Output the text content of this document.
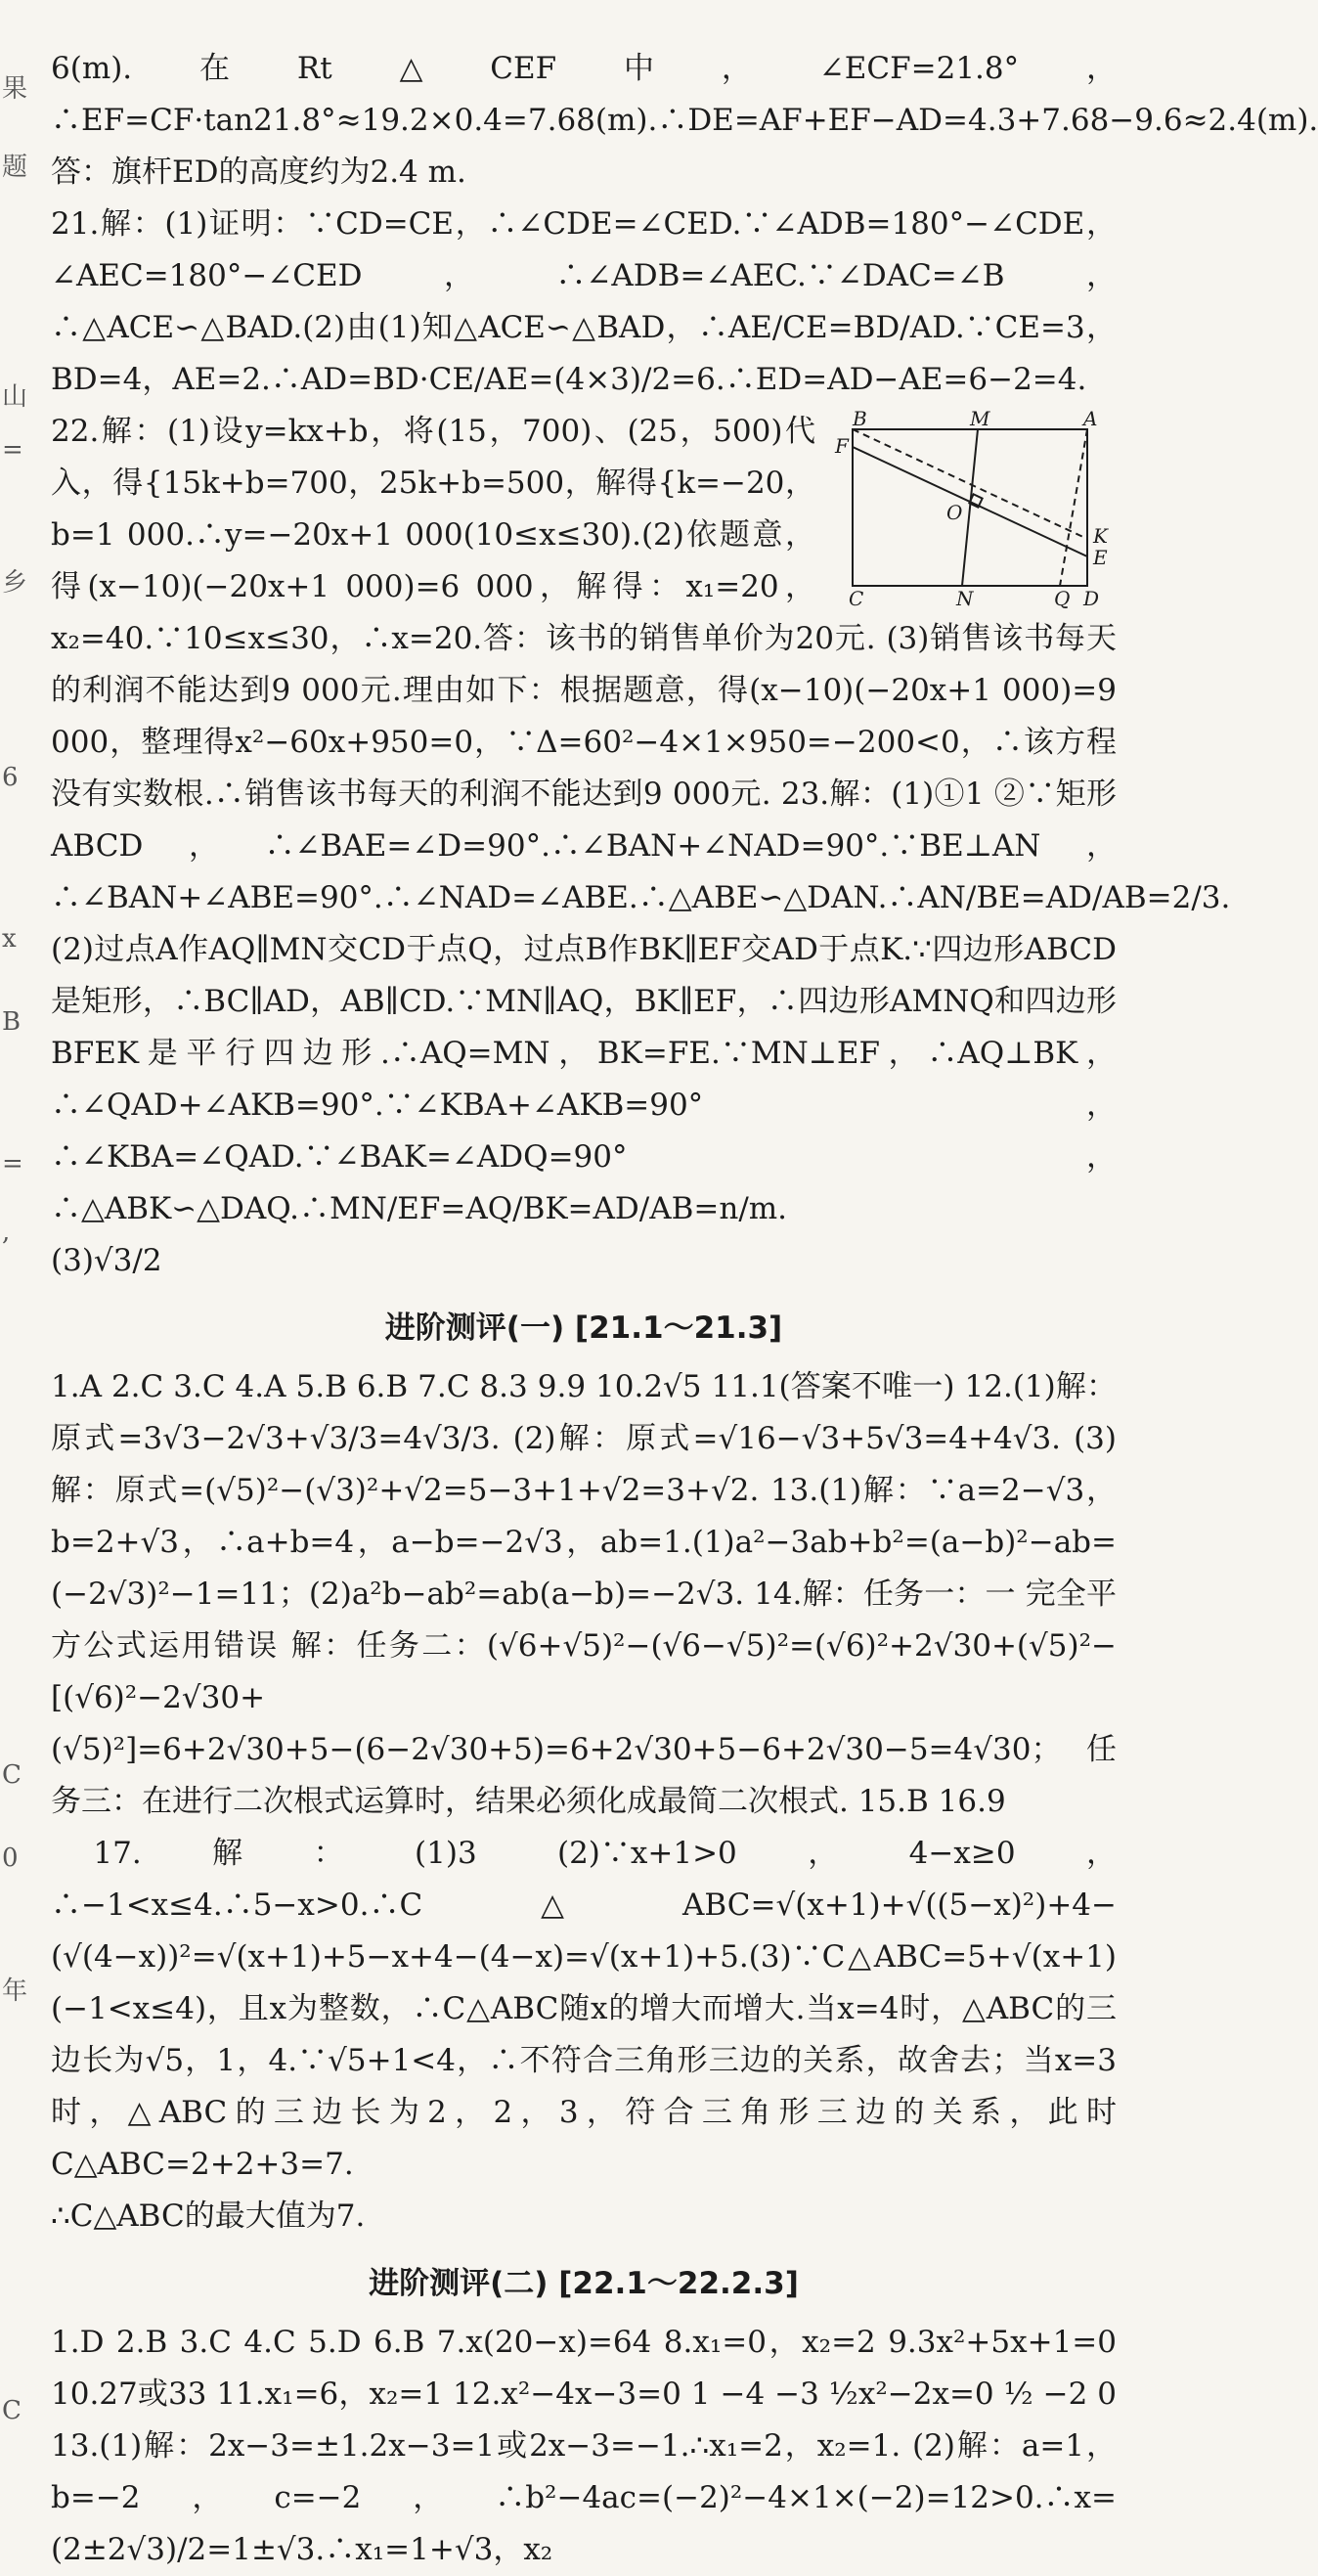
果
题
山
=
乡
6
x
B
=
,
C
0
年
C

6(m).在Rt△CEF中，∠ECF=21.8°，∴EF=CF·tan21.8°≈19.2×0.4=7.68(m).∴DE=AF+EF−AD=4.3+7.68−9.6≈2.4(m).答：旗杆ED的高度约为2.4 m.

21.解：(1)证明：∵CD=CE，∴∠CDE=∠CED.∵∠ADB=180°−∠CDE，∠AEC=180°−∠CED，∴∠ADB=∠AEC.∵∠DAC=∠B，∴△ACE∽△BAD.(2)由(1)知△ACE∽△BAD，∴AE/CE=BD/AD.∵CE=3，BD=4，AE=2.∴AD=BD·CE/AE=(4×3)/2=6.∴ED=AD−AE=6−2=4.

B	M	A
F
O
K
E
C	N	Q D

22.解：(1)设y=kx+b，将(15，700)、(25，500)代入，得{15k+b=700，25k+b=500，解得{k=−20，b=1 000.∴y=−20x+1 000(10≤x≤30).(2)依题意，得(x−10)(−20x+1 000)=6 000，解得：x₁=20，x₂=40.∵10≤x≤30，∴x=20.答：该书的销售单价为20元. (3)销售该书每天的利润不能达到9 000元.理由如下：根据题意，得(x−10)(−20x+1 000)=9 000，整理得x²−60x+950=0，∵Δ=60²−4×1×950=−200<0，∴该方程没有实数根.∴销售该书每天的利润不能达到9 000元. 23.解：(1)①1 ②∵矩形ABCD，∴∠BAE=∠D=90°.∴∠BAN+∠NAD=90°.∵BE⊥AN，∴∠BAN+∠ABE=90°.∴∠NAD=∠ABE.∴△ABE∽△DAN.∴AN/BE=AD/AB=2/3. (2)过点A作AQ∥MN交CD于点Q，过点B作BK∥EF交AD于点K.∵四边形ABCD是矩形，∴BC∥AD，AB∥CD.∵MN∥AQ，BK∥EF，∴四边形AMNQ和四边形BFEK是平行四边形.∴AQ=MN，BK=FE.∵MN⊥EF，∴AQ⊥BK，∴∠QAD+∠AKB=90°.∵∠KBA+∠AKB=90°，∴∠KBA=∠QAD.∵∠BAK=∠ADQ=90°，∴△ABK∽△DAQ.∴MN/EF=AQ/BK=AD/AB=n/m.

(3)√3/2

进阶测评(一) [21.1～21.3]

1.A 2.C 3.C 4.A 5.B 6.B 7.C 8.3 9.9 10.2√5 11.1(答案不唯一) 12.(1)解：原式=3√3−2√3+√3/3=4√3/3. (2)解：原式=√16−√3+5√3=4+4√3. (3)解：原式=(√5)²−(√3)²+√2=5−3+1+√2=3+√2. 13.(1)解：∵a=2−√3，b=2+√3，∴a+b=4，a−b=−2√3，ab=1.(1)a²−3ab+b²=(a−b)²−ab=(−2√3)²−1=11；(2)a²b−ab²=ab(a−b)=−2√3. 14.解：任务一：一 完全平方公式运用错误 解：任务二：(√6+√5)²−(√6−√5)²=(√6)²+2√30+(√5)²−[(√6)²−2√30+(√5)²]=6+2√30+5−(6−2√30+5)=6+2√30+5−6+2√30−5=4√30；任务三：在进行二次根式运算时，结果必须化成最简二次根式. 15.B 16.9

17.解：(1)3 (2)∵x+1>0，4−x≥0，∴−1<x≤4.∴5−x>0.∴C△ABC=√(x+1)+√((5−x)²)+4−(√(4−x))²=√(x+1)+5−x+4−(4−x)=√(x+1)+5.(3)∵C△ABC=5+√(x+1)(−1<x≤4)，且x为整数，∴C△ABC随x的增大而增大.当x=4时，△ABC的三边长为√5，1，4.∵√5+1<4，∴不符合三角形三边的关系，故舍去；当x=3时，△ABC的三边长为2，2，3，符合三角形三边的关系，此时C△ABC=2+2+3=7.

∴C△ABC的最大值为7.

进阶测评(二) [22.1～22.2.3]

1.D 2.B 3.C 4.C 5.D 6.B 7.x(20−x)=64 8.x₁=0，x₂=2 9.3x²+5x+1=0 10.27或33 11.x₁=6，x₂=1 12.x²−4x−3=0 1 −4 −3 ½x²−2x=0 ½ −2 0 13.(1)解：2x−3=±1.2x−3=1或2x−3=−1.∴x₁=2，x₂=1. (2)解：a=1，b=−2，c=−2，∴b²−4ac=(−2)²−4×1×(−2)=12>0.∴x=(2±2√3)/2=1±√3.∴x₁=1+√3，x₂
